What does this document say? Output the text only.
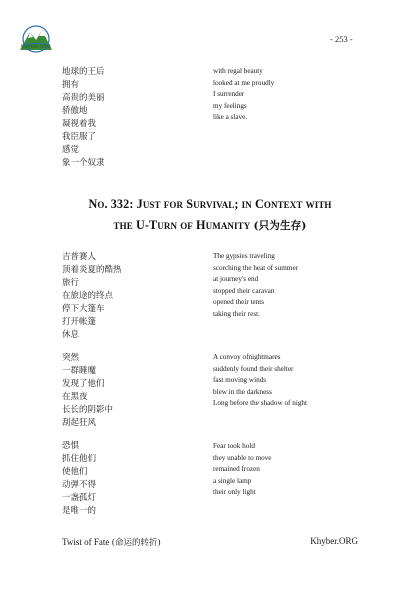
Khyber.ORG
- 253 -
地球的王后
拥有
高贵的美丽
骄傲地
凝视着我
我臣服了
感觉
象一个奴隶
with regal beauty
looked at me proudly
I surrender
my feelings
like a slave.
No. 332: Just for Survival; in Context with
the U-Turn of Humanity (只为生存)
吉普赛人
顶着炎夏的酷热
旅行
在旅途的终点
停下大篷车
打开帐篷
休息
The gypsies traveling
scorching the heat of summer
at journey's end
stopped their caravan
opened their tents
taking their rest.
突然
一群睡魔
发现了他们
在黑夜
长长的阴影中
刮起狂风
A convoy ofnightmares
suddenly found their shelter
fast moving winds
blew in the darkness
Long before the shadow of night
恐惧
抓住他们
使他们
动弹不得
一盏孤灯
是唯一的
Fear took hold
they unable to move
remained frozen
a single lamp
their only light
Twist of Fate (命运的转折)	Khyber.ORG
